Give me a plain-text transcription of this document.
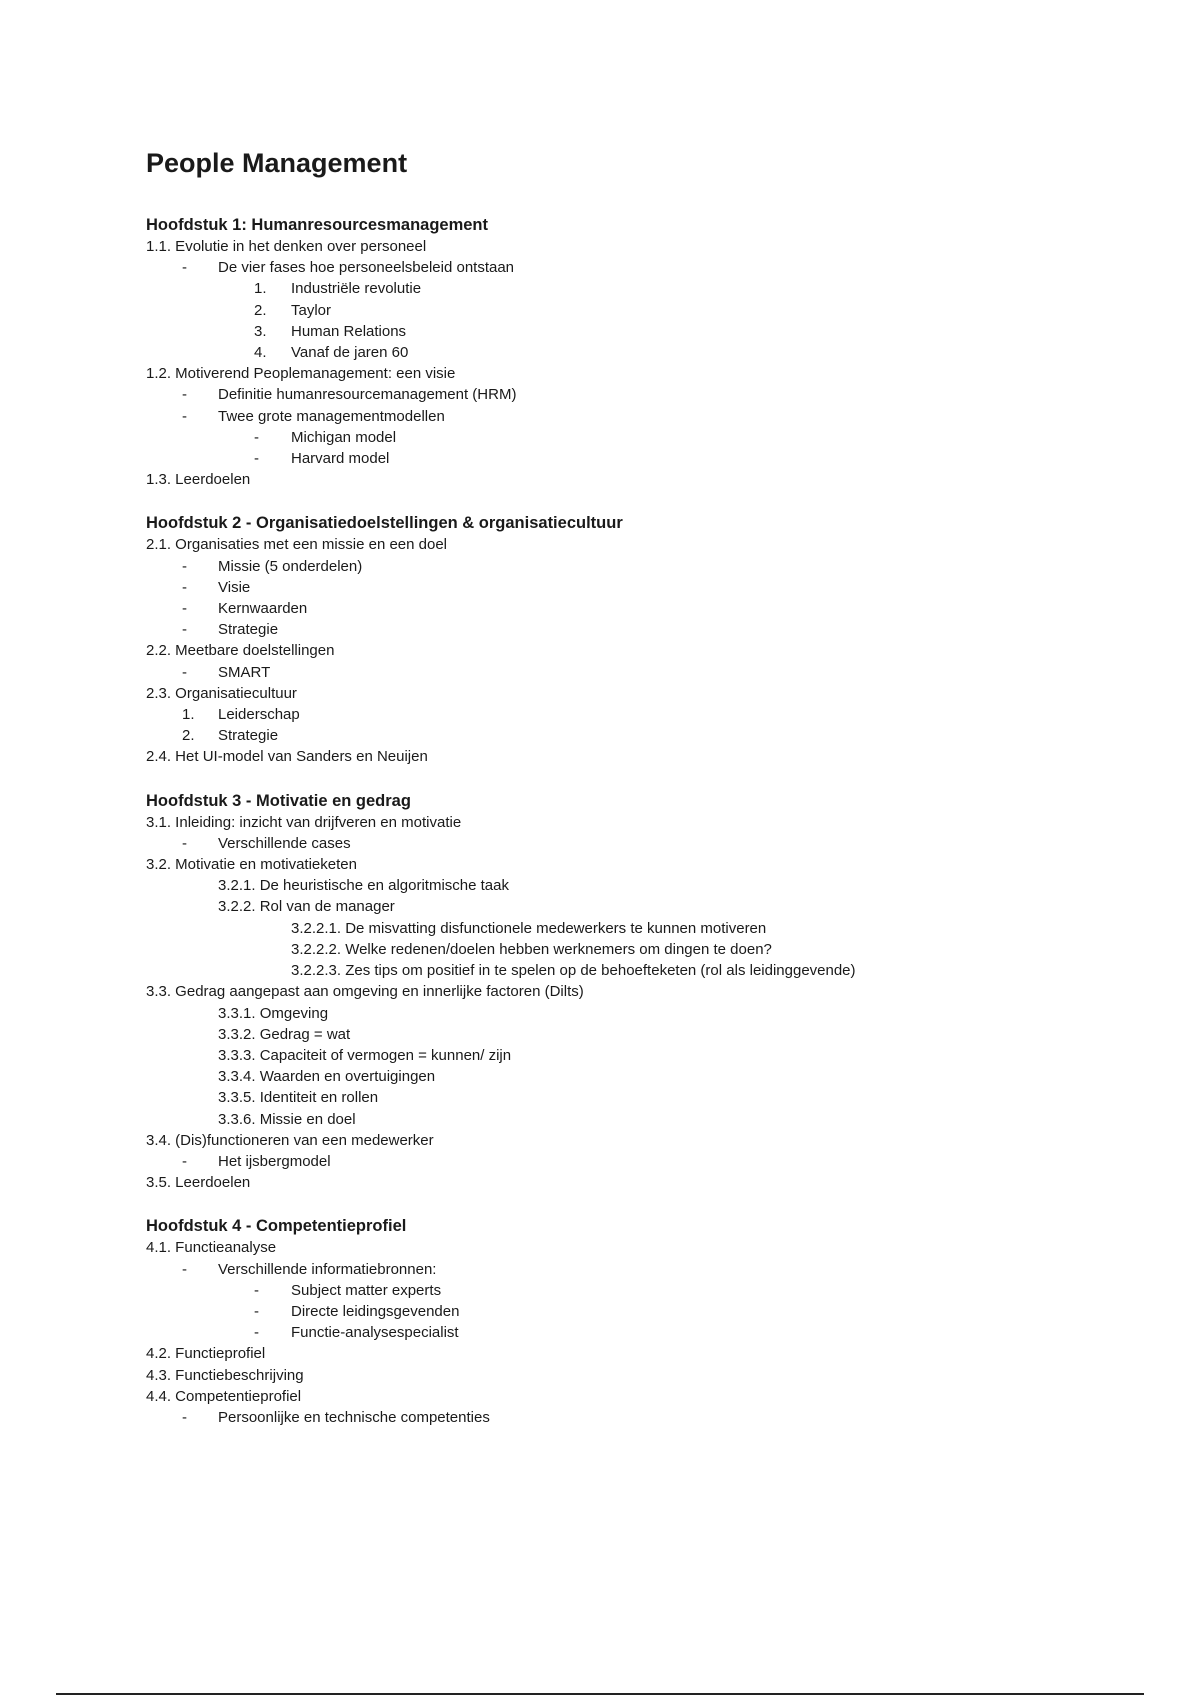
People Management
Hoofdstuk 1: Humanresourcesmanagement
1.1. Evolutie in het denken over personeel
- De vier fases hoe personeelsbeleid ontstaan
1. Industriële revolutie
2. Taylor
3. Human Relations
4. Vanaf de jaren 60
1.2. Motiverend Peoplemanagement: een visie
- Definitie humanresourcemanagement (HRM)
- Twee grote managementmodellen
- Michigan model
- Harvard model
1.3. Leerdoelen
Hoofdstuk 2 - Organisatiedoelstellingen & organisatiecultuur
2.1. Organisaties met een missie en een doel
- Missie (5 onderdelen)
- Visie
- Kernwaarden
- Strategie
2.2. Meetbare doelstellingen
- SMART
2.3. Organisatiecultuur
1. Leiderschap
2. Strategie
2.4. Het UI-model van Sanders en Neuijen
Hoofdstuk 3 - Motivatie en gedrag
3.1. Inleiding: inzicht van drijfveren en motivatie
- Verschillende cases
3.2. Motivatie en motivatieketen
3.2.1. De heuristische en algoritmische taak
3.2.2. Rol van de manager
3.2.2.1. De misvatting disfunctionele medewerkers te kunnen motiveren
3.2.2.2. Welke redenen/doelen hebben werknemers om dingen te doen?
3.2.2.3. Zes tips om positief in te spelen op de behoefteketen (rol als leidinggevende)
3.3. Gedrag aangepast aan omgeving en innerlijke factoren (Dilts)
3.3.1. Omgeving
3.3.2. Gedrag = wat
3.3.3. Capaciteit of vermogen = kunnen/ zijn
3.3.4. Waarden en overtuigingen
3.3.5. Identiteit en rollen
3.3.6. Missie en doel
3.4. (Dis)functioneren van een medewerker
- Het ijsbergmodel
3.5. Leerdoelen
Hoofdstuk 4 - Competentieprofiel
4.1. Functieanalyse
- Verschillende informatiebronnen:
- Subject matter experts
- Directe leidingsgevenden
- Functie-analysespecialist
4.2. Functieprofiel
4.3. Functiebeschrijving
4.4. Competentieprofiel
- Persoonlijke en technische competenties
